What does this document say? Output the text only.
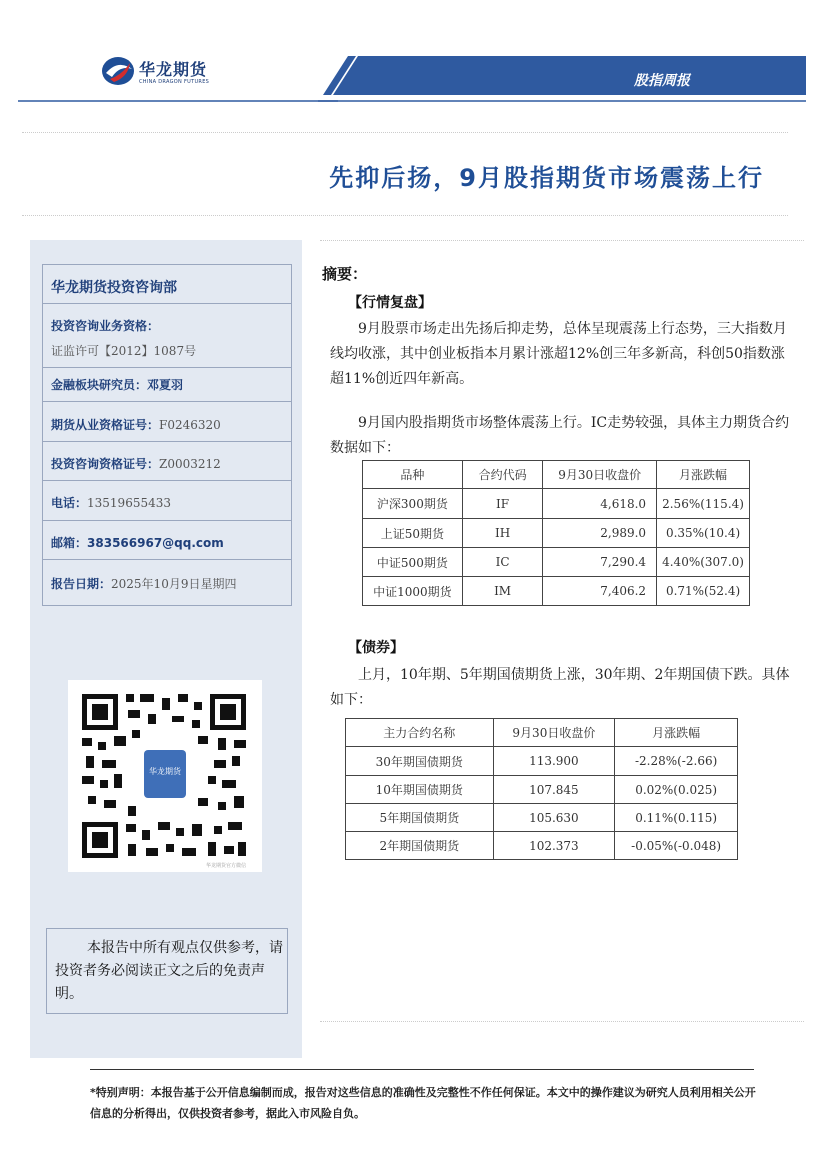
华龙期货
CHINA DRAGON FUTURES	股指周报
先抑后扬，9月股指期货市场震荡上行
华龙期货投资咨询部
投资咨询业务资格：
证监许可【2012】1087号
金融板块研究员：邓夏羽
期货从业资格证号：F0246320
投资咨询资格证号：Z0003212
电话：13519655433
邮箱：383566967@qq.com
报告日期：2025年10月9日星期四
华龙期货
华龙期货官方微信
本报告中所有观点仅供参考，请投资者务必阅读正文之后的免责声明。
摘要：
【行情复盘】
9月股票市场走出先扬后抑走势，总体呈现震荡上行态势，三大指数月线均收涨，其中创业板指本月累计涨超12%创三年多新高，科创50指数涨超11%创近四年新高。
9月国内股指期货市场整体震荡上行。IC走势较强，具体主力期货合约数据如下：
品种	合约代码	9月30日收盘价	月涨跌幅
沪深300期货	IF	4,618.0	2.56%(115.4)
上证50期货	IH	2,989.0	0.35%(10.4)
中证500期货	IC	7,290.4	4.40%(307.0)
中证1000期货	IM	7,406.2	0.71%(52.4)
【债券】
上月，10年期、5年期国债期货上涨，30年期、2年期国债下跌。具体如下：
主力合约名称	9月30日收盘价	月涨跌幅
30年期国债期货	113.900	-2.28%(-2.66)
10年期国债期货	107.845	0.02%(0.025)
5年期国债期货	105.630	0.11%(0.115)
2年期国债期货	102.373	-0.05%(-0.048)
*特别声明：本报告基于公开信息编制而成，报告对这些信息的准确性及完整性不作任何保证。本文中的操作建议为研究人员利用相关公开信息的分析得出，仅供投资者参考，据此入市风险自负。
